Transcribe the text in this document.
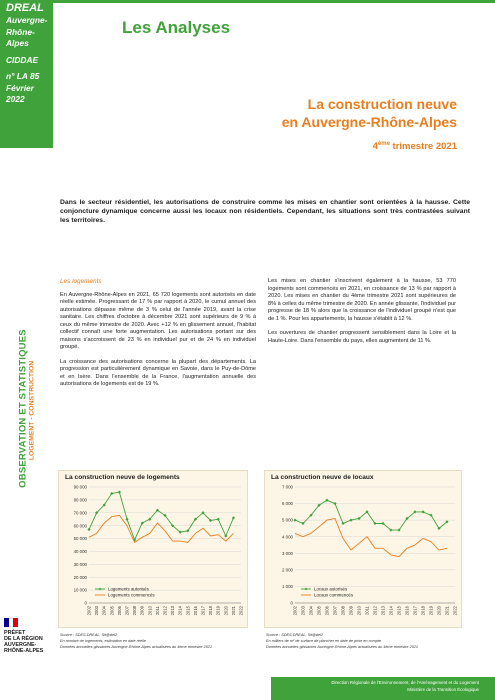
DREAL
Auvergne-
Rhône-Alpes
CIDDAE
n° LA 85
Février
2022
OBSERVATION ET STATISTIQUES LOGEMENT - CONSTRUCTION
PRÉFET
DE LA RÉGION
AUVERGNE-
RHÔNE-ALPES
Les Analyses
La construction neuve
en Auvergne-Rhône-Alpes
4ème trimestre 2021
Dans le secteur résidentiel, les autorisations de construire comme les mises en chantier sont orientées à la hausse. Cette conjoncture dynamique concerne aussi les locaux non résidentiels. Cependant, les situations sont très contrastées suivant les territoires.
Les logements

En Auvergne-Rhône-Alpes en 2021, 65 720 logements sont autorisés en date réelle estimée. Progressant de 17 % par rapport à 2020, le cumul annuel des autorisations dépasse même de 3 % celui de l'année 2019, avant la crise sanitaire. Les chiffres d'octobre à décembre 2021 sont supérieurs de 9 % à ceux du même trimestre de 2020. Avec +12 % en glissement annuel, l'habitat collectif connaît une forte augmentation. Les autorisations portant sur des maisons s'accroissent de 23 % en individuel pur et de 24 % en individuel groupé.

La croissance des autorisations concerne la plupart des départements. La progression est particulièrement dynamique en Savoie, dans le Puy-de-Dôme et en Isère. Dans l'ensemble de la France, l'augmentation annuelle des autorisations de logements est de 19 %.

Les mises en chantier s'inscrivent également à la hausse, 53 770 logements sont commencés en 2021, en croissance de 13 % par rapport à 2020. Les mises en chantier du 4ème trimestre 2021 sont supérieures de 8% à celles du même trimestre de 2020. En année glissante, l'individuel pur progresse de 18 % alors que la croissance de l'individuel groupé n'est que de 1 %. Pour les appartements, la hausse s'établit à 12 %.

Les ouvertures de chantier progressent sensiblement dans la Loire et la Haute-Loire. Dans l'ensemble du pays, elles augmentent de 11 %.

La construction neuve de logements
0
10 000
20 000
30 000
40 000
50 000
60 000
70 000
80 000
90 000
2002 2003 2004 2005 2006 2007 2008 2009 2010 2011 2012 2013 2014 2015 2016 2017 2018 2019 2020 2021 2022
Logements autorisés
Logements commencés
La construction neuve de locaux
0
1 000
2 000
3 000
4 000
5 000
6 000
7 000
2002 2003 2004 2005 2006 2007 2008 2009 2010 2011 2012 2013 2014 2015 2016 2017 2018 2019 2020 2021 2022
Locaux autorisés
Locaux commencés
Source : SDES-DREAL, Sit@del2
En nombre de logements, estimation en date réelle
Données annuelles glissantes Auvergne-Rhône-Alpes actualisées au 4ème trimestre 2021
Source : SDES-DREAL, Sit@del2
En milliers de m² de surface de plancher en date de prise en compte
Données annuelles glissantes Auvergne-Rhône-Alpes actualisées au 4ème trimestre 2021
Direction Régionale de l'Environnement, de l'Aménagement et du Logement
Ministère de la Transition Écologique
